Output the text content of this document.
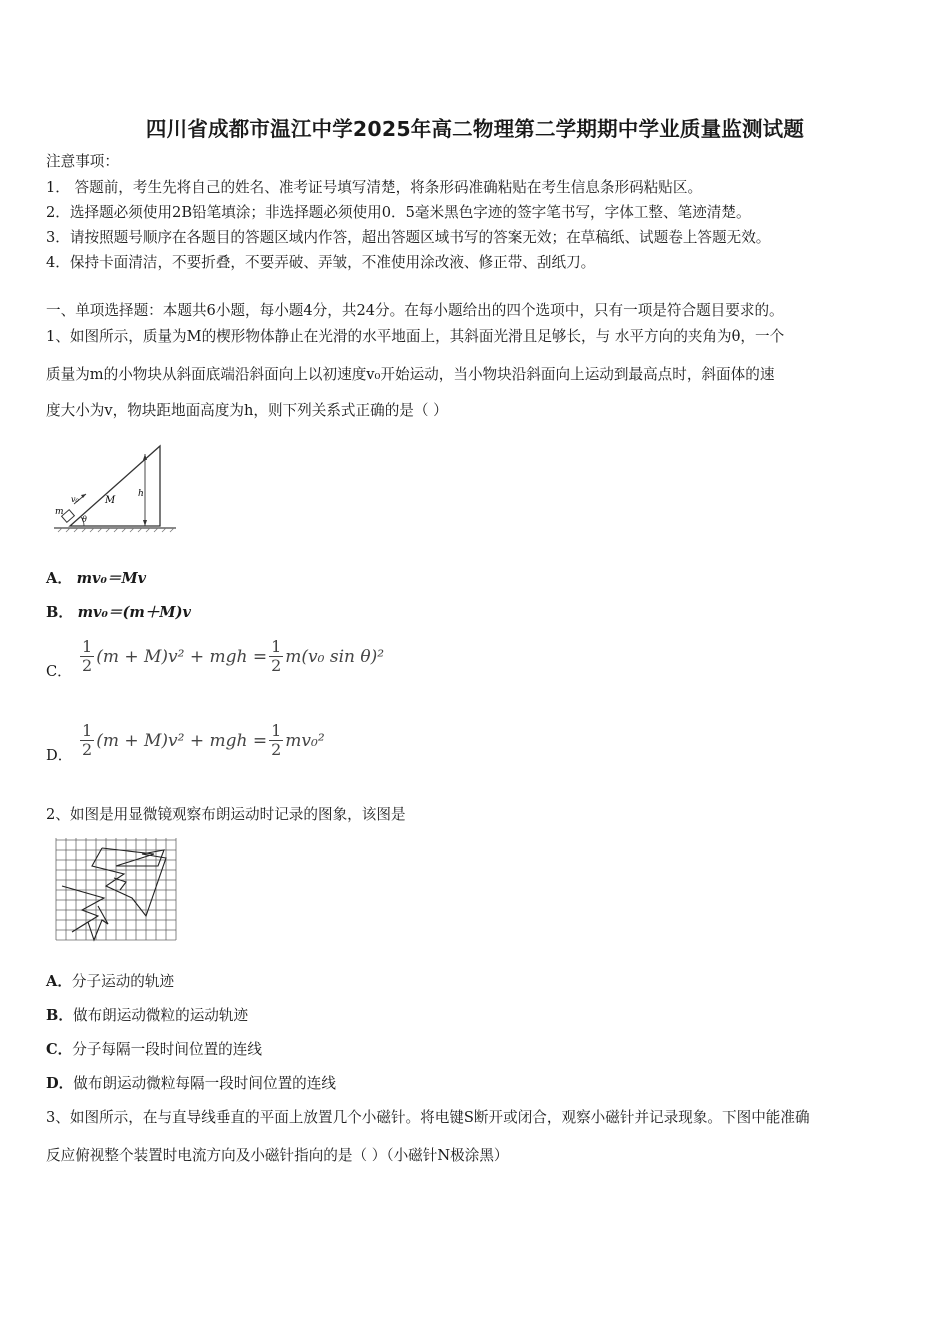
四川省成都市温江中学2025年高二物理第二学期期中学业质量监测试题
注意事项：
1． 答题前，考生先将自己的姓名、准考证号填写清楚，将条形码准确粘贴在考生信息条形码粘贴区。
2．选择题必须使用2B铅笔填涂；非选择题必须使用0．5毫米黑色字迹的签字笔书写，字体工整、笔迹清楚。
3．请按照题号顺序在各题目的答题区域内作答，超出答题区域书写的答案无效；在草稿纸、试题卷上答题无效。
4．保持卡面清洁，不要折叠，不要弄破、弄皱，不准使用涂改液、修正带、刮纸刀。
一、单项选择题：本题共6小题，每小题4分，共24分。在每小题给出的四个选项中，只有一项是符合题目要求的。
1、如图所示，质量为M的楔形物体静止在光滑的水平地面上，其斜面光滑且足够长，与 水平方向的夹角为θ，一个
质量为m的小物块从斜面底端沿斜面向上以初速度v₀开始运动，当小物块沿斜面向上运动到最高点时，斜面体的速
度大小为v，物块距地面高度为h，则下列关系式正确的是（ ）
M
m
v₀
h
θ
A． mv₀＝Mv
B． mv₀＝(m＋M)v
C． $\frac{1}{2} (m + M)v^2$ + mgh = $\frac{1}{2} m(v_0$ sin θ)²
D． $\frac{1}{2} (m + M)v^2$ + mgh = $\frac{1}{2} mv_0^2$
2、如图是用显微镜观察布朗运动时记录的图象，该图是
A．分子运动的轨迹
B．做布朗运动微粒的运动轨迹
C．分子每隔一段时间位置的连线
D．做布朗运动微粒每隔一段时间位置的连线
3、如图所示，在与直导线垂直的平面上放置几个小磁针。将电键S断开或闭合，观察小磁针并记录现象。下图中能准确
反应俯视整个装置时电流方向及小磁针指向的是（ ）（小磁针N极涂黑）
